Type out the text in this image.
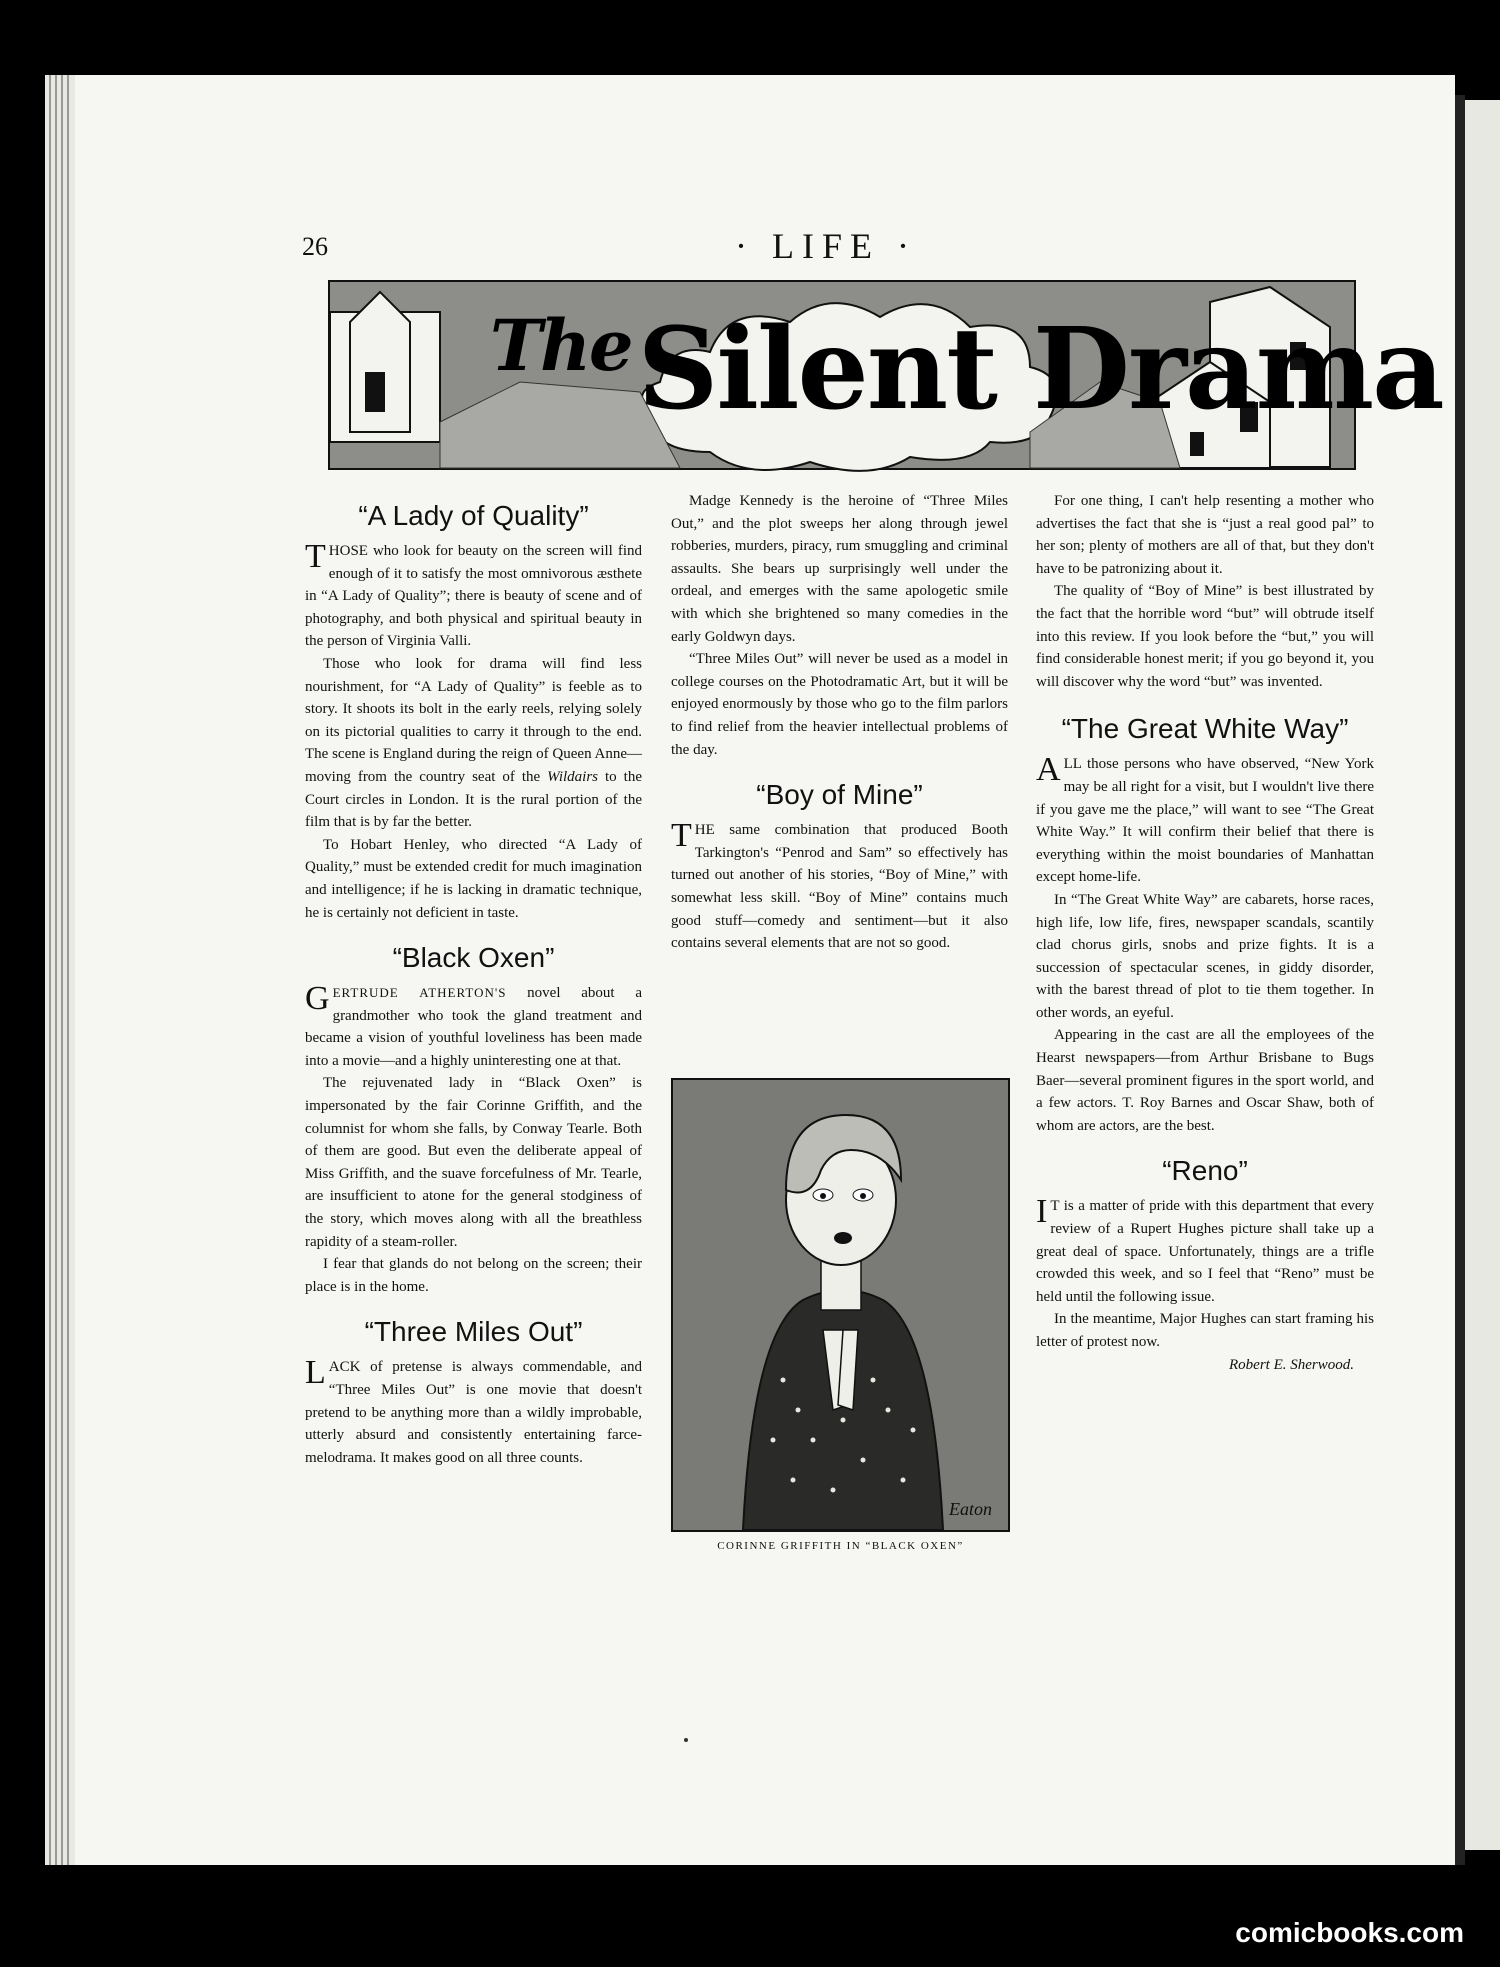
26	· LIFE ·
$^{The}$Silent Drama
“A Lady of Quality”

THOSE who look for beauty on the screen will find enough of it to satisfy the most omnivorous æsthete in “A Lady of Quality”; there is beauty of scene and of photography, and both physical and spiritual beauty in the person of Virginia Valli.

Those who look for drama will find less nourishment, for “A Lady of Quality” is feeble as to story. It shoots its bolt in the early reels, relying solely on its pictorial qualities to carry it through to the end. The scene is England during the reign of Queen Anne—moving from the country seat of the Wildairs to the Court circles in London. It is the rural portion of the film that is by far the better.

To Hobart Henley, who directed “A Lady of Quality,” must be extended credit for much imagination and intelligence; if he is lacking in dramatic technique, he is certainly not deficient in taste.

“Black Oxen”

GERTRUDE ATHERTON'S novel about a grandmother who took the gland treatment and became a vision of youthful loveliness has been made into a movie—and a highly uninteresting one at that.

The rejuvenated lady in “Black Oxen” is impersonated by the fair Corinne Griffith, and the columnist for whom she falls, by Conway Tearle. Both of them are good. But even the deliberate appeal of Miss Griffith, and the suave forcefulness of Mr. Tearle, are insufficient to atone for the general stodginess of the story, which moves along with all the breathless rapidity of a steam-roller.

I fear that glands do not belong on the screen; their place is in the home.

“Three Miles Out”

LACK of pretense is always commendable, and “Three Miles Out” is one movie that doesn't pretend to be anything more than a wildly improbable, utterly absurd and consistently entertaining farce-melodrama. It makes good on all three counts.

Madge Kennedy is the heroine of “Three Miles Out,” and the plot sweeps her along through jewel robberies, murders, piracy, rum smuggling and criminal assaults. She bears up surprisingly well under the ordeal, and emerges with the same apologetic smile with which she brightened so many comedies in the early Goldwyn days.

“Three Miles Out” will never be used as a model in college courses on the Photodramatic Art, but it will be enjoyed enormously by those who go to the film parlors to find relief from the heavier intellectual problems of the day.

“Boy of Mine”

THE same combination that produced Booth Tarkington's “Penrod and Sam” so effectively has turned out another of his stories, “Boy of Mine,” with somewhat less skill. “Boy of Mine” contains much good stuff—comedy and sentiment—but it also contains several elements that are not so good.

Eaton
CORINNE GRIFFITH IN “BLACK OXEN”

For one thing, I can't help resenting a mother who advertises the fact that she is “just a real good pal” to her son; plenty of mothers are all of that, but they don't have to be patronizing about it.

The quality of “Boy of Mine” is best illustrated by the fact that the horrible word “but” will obtrude itself into this review. If you look before the “but,” you will find considerable honest merit; if you go beyond it, you will discover why the word “but” was invented.

“The Great White Way”

ALL those persons who have observed, “New York may be all right for a visit, but I wouldn't live there if you gave me the place,” will want to see “The Great White Way.” It will confirm their belief that there is everything within the moist boundaries of Manhattan except home-life.

In “The Great White Way” are cabarets, horse races, high life, low life, fires, newspaper scandals, scantily clad chorus girls, snobs and prize fights. It is a succession of spectacular scenes, in giddy disorder, with the barest thread of plot to tie them together. In other words, an eyeful.

Appearing in the cast are all the employees of the Hearst newspapers—from Arthur Brisbane to Bugs Baer—several prominent figures in the sport world, and a few actors. T. Roy Barnes and Oscar Shaw, both of whom are actors, are the best.

“Reno”

I T is a matter of pride with this department that every review of a Rupert Hughes picture shall take up a great deal of space. Unfortunately, things are a trifle crowded this week, and so I feel that “Reno” must be held until the following issue.

In the meantime, Major Hughes can start framing his letter of protest now.

Robert E. Sherwood.

comicbooks.com
